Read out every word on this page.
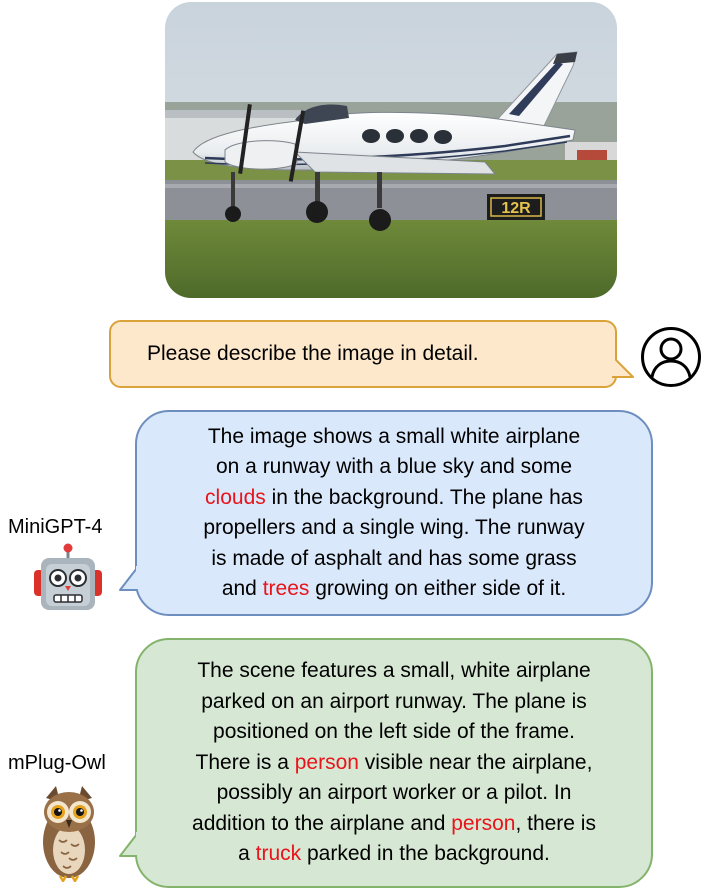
12R
Please describe the image in detail.
MiniGPT-4
The image shows a small white airplane
on a runway with a blue sky and some
clouds in the background. The plane has
propellers and a single wing. The runway
is made of asphalt and has some grass
and trees growing on either side of it.
mPlug-Owl
The scene features a small, white airplane
parked on an airport runway. The plane is
positioned on the left side of the frame.
There is a person visible near the airplane,
possibly an airport worker or a pilot. In
addition to the airplane and person, there is
a truck parked in the background.
